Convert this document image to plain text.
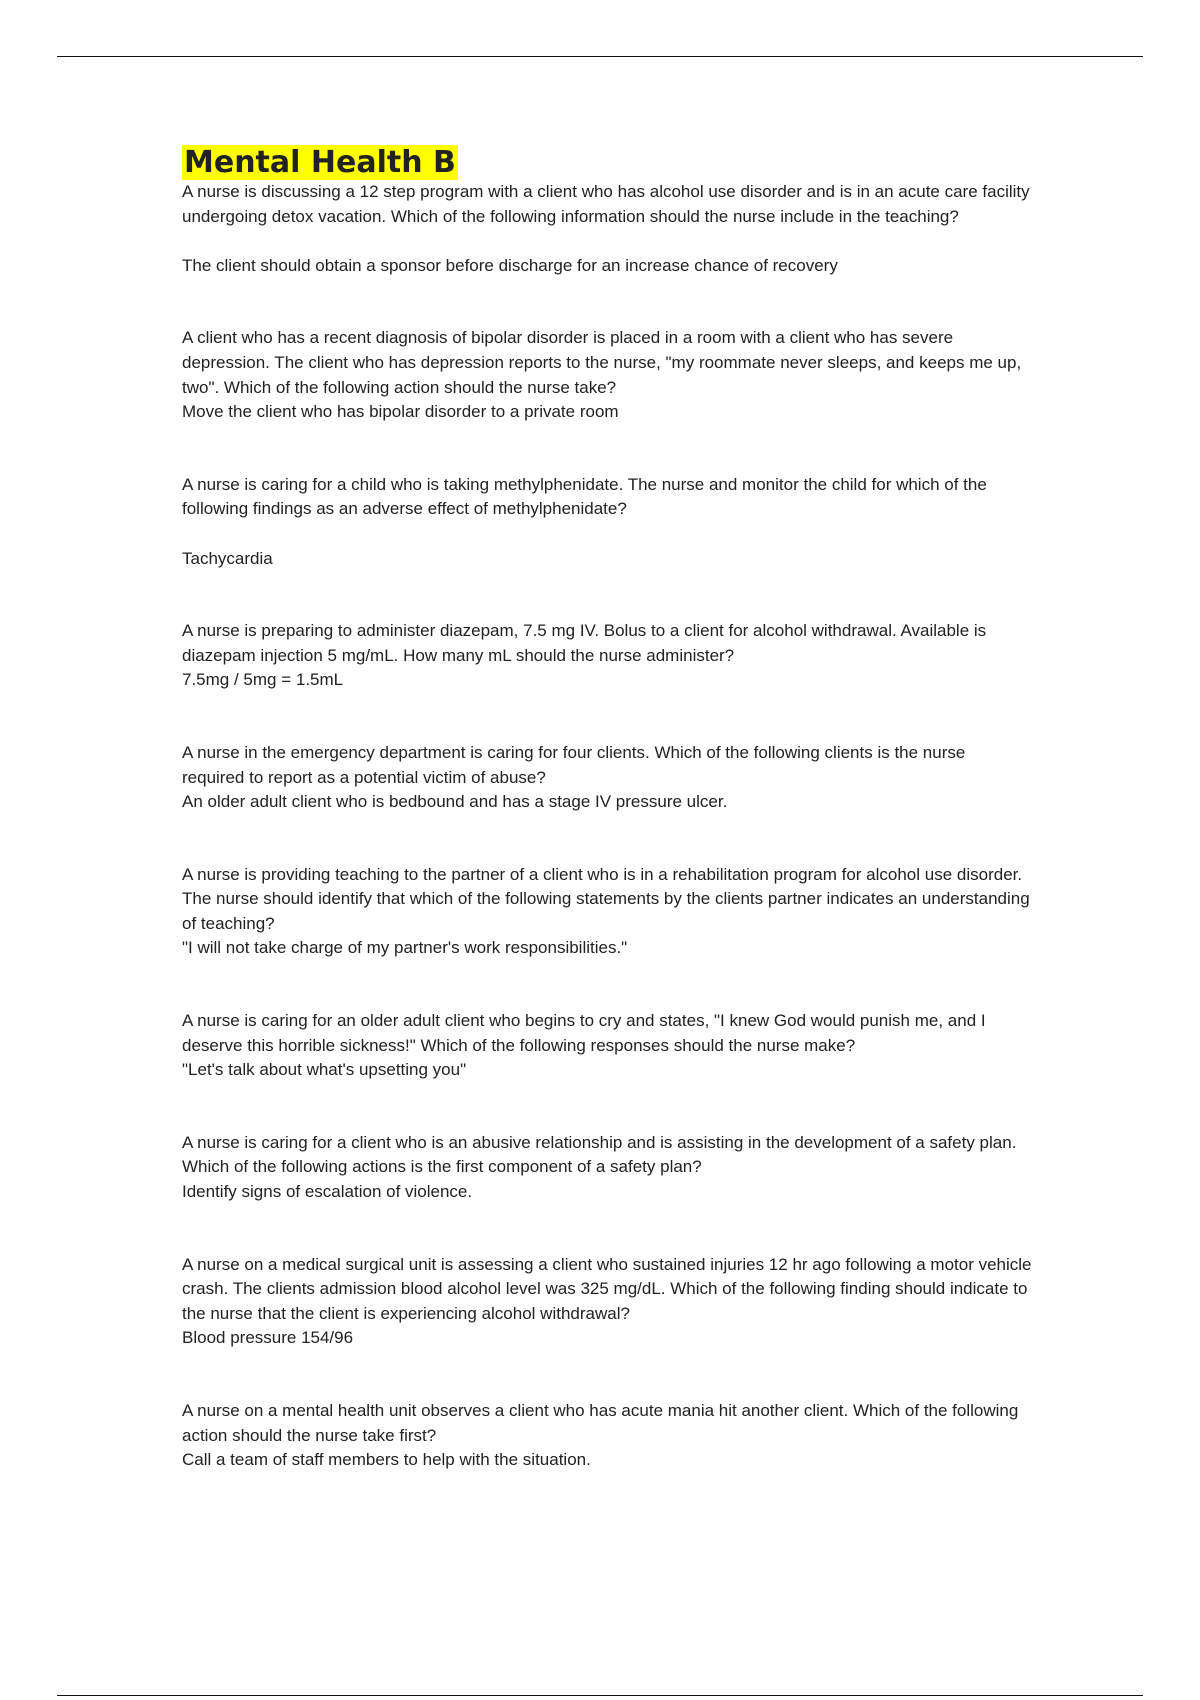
Mental Health B

A nurse is discussing a 12 step program with a client who has alcohol use disorder and is in an acute care facility undergoing detox vacation. Which of the following information should the nurse include in the teaching?

The client should obtain a sponsor before discharge for an increase chance of recovery

A client who has a recent diagnosis of bipolar disorder is placed in a room with a client who has severe depression. The client who has depression reports to the nurse, "my roommate never sleeps, and keeps me up, two". Which of the following action should the nurse take?

Move the client who has bipolar disorder to a private room

A nurse is caring for a child who is taking methylphenidate. The nurse and monitor the child for which of the following findings as an adverse effect of methylphenidate?

Tachycardia

A nurse is preparing to administer diazepam, 7.5 mg IV. Bolus to a client for alcohol withdrawal. Available is diazepam injection 5 mg/mL. How many mL should the nurse administer?

7.5mg / 5mg = 1.5mL

A nurse in the emergency department is caring for four clients. Which of the following clients is the nurse required to report as a potential victim of abuse?

An older adult client who is bedbound and has a stage IV pressure ulcer.

A nurse is providing teaching to the partner of a client who is in a rehabilitation program for alcohol use disorder. The nurse should identify that which of the following statements by the clients partner indicates an understanding of teaching?

"I will not take charge of my partner's work responsibilities."

A nurse is caring for an older adult client who begins to cry and states, "I knew God would punish me, and I deserve this horrible sickness!" Which of the following responses should the nurse make?

"Let's talk about what's upsetting you"

A nurse is caring for a client who is an abusive relationship and is assisting in the development of a safety plan. Which of the following actions is the first component of a safety plan?

Identify signs of escalation of violence.

A nurse on a medical surgical unit is assessing a client who sustained injuries 12 hr ago following a motor vehicle crash. The clients admission blood alcohol level was 325 mg/dL. Which of the following finding should indicate to the nurse that the client is experiencing alcohol withdrawal?

Blood pressure 154/96

A nurse on a mental health unit observes a client who has acute mania hit another client. Which of the following action should the nurse take first?

Call a team of staff members to help with the situation.
